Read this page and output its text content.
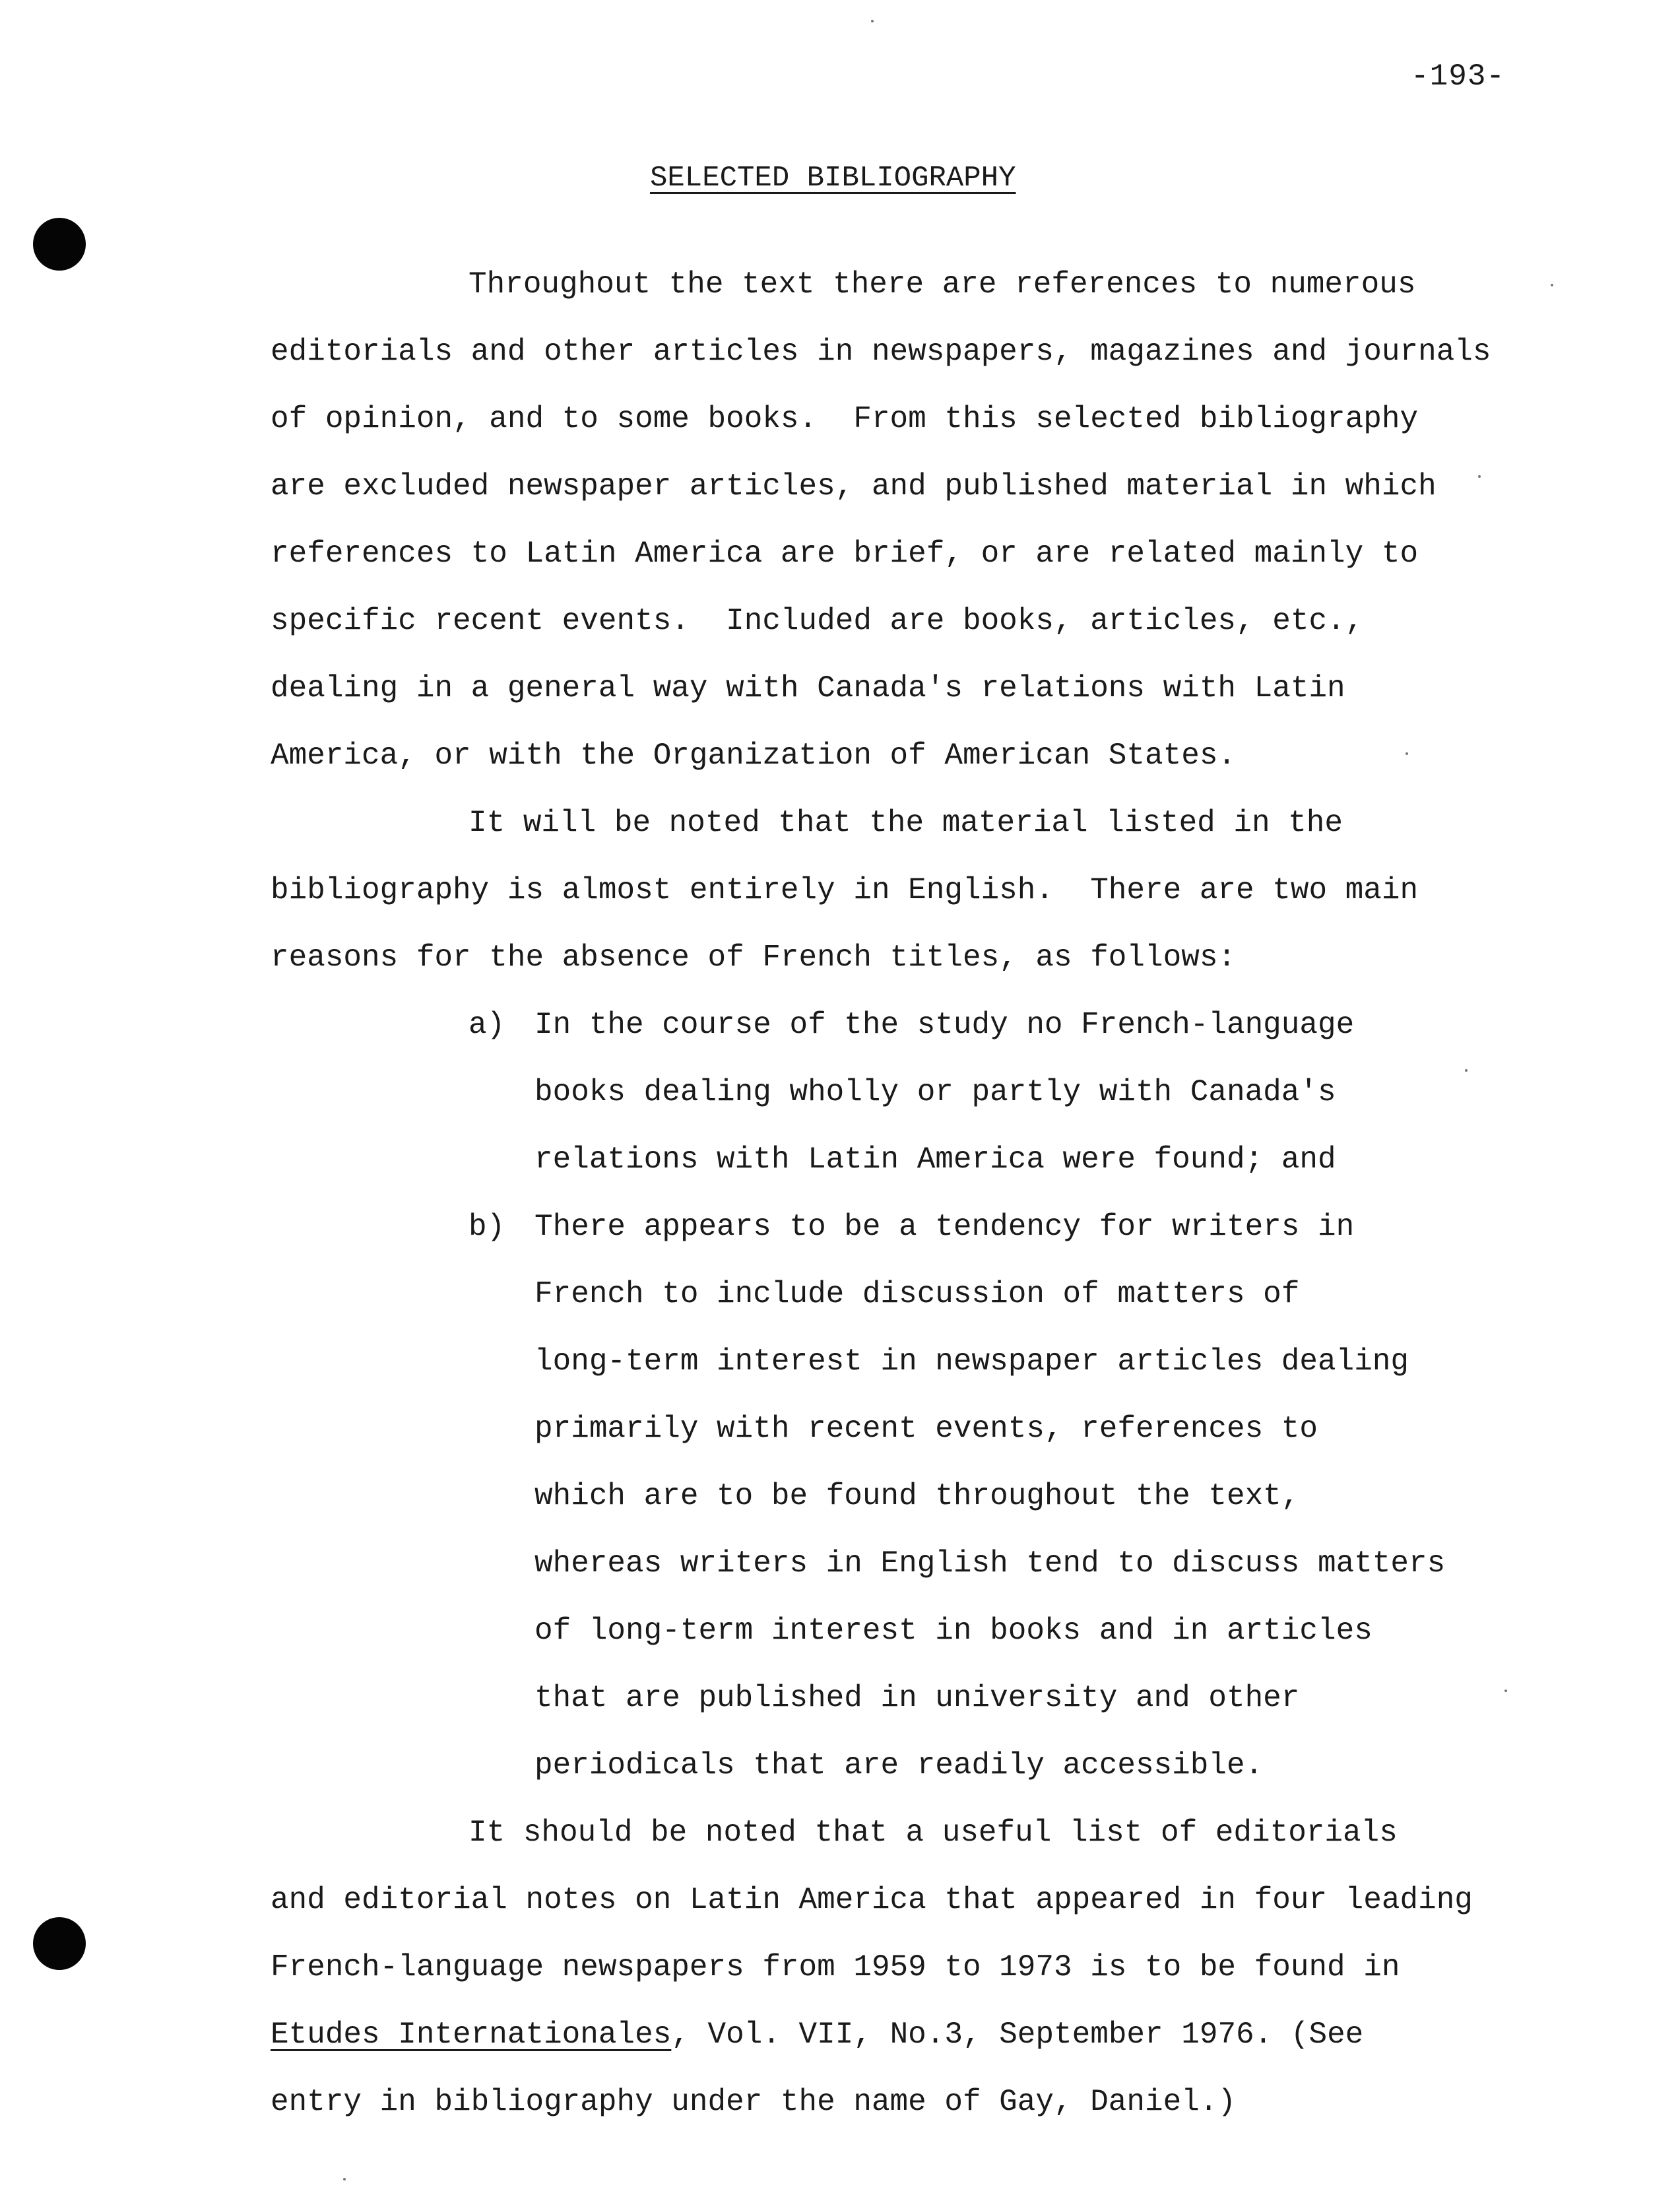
-193-
SELECTED BIBLIOGRAPHY
Throughout the text there are references to numerous
editorials and other articles in newspapers, magazines and journals
of opinion, and to some books.  From this selected bibliography
are excluded newspaper articles, and published material in which
references to Latin America are brief, or are related mainly to
specific recent events.  Included are books, articles, etc.,
dealing in a general way with Canada's relations with Latin
America, or with the Organization of American States.
It will be noted that the material listed in the
bibliography is almost entirely in English.  There are two main
reasons for the absence of French titles, as follows:
a) In the course of the study no French-language
books dealing wholly or partly with Canada's
relations with Latin America were found; and
b) There appears to be a tendency for writers in
French to include discussion of matters of
long-term interest in newspaper articles dealing
primarily with recent events, references to
which are to be found throughout the text,
whereas writers in English tend to discuss matters
of long-term interest in books and in articles
that are published in university and other
periodicals that are readily accessible.
It should be noted that a useful list of editorials
and editorial notes on Latin America that appeared in four leading
French-language newspapers from 1959 to 1973 is to be found in
Etudes Internationales, Vol. VII, No.3, September 1976. (See
entry in bibliography under the name of Gay, Daniel.)
